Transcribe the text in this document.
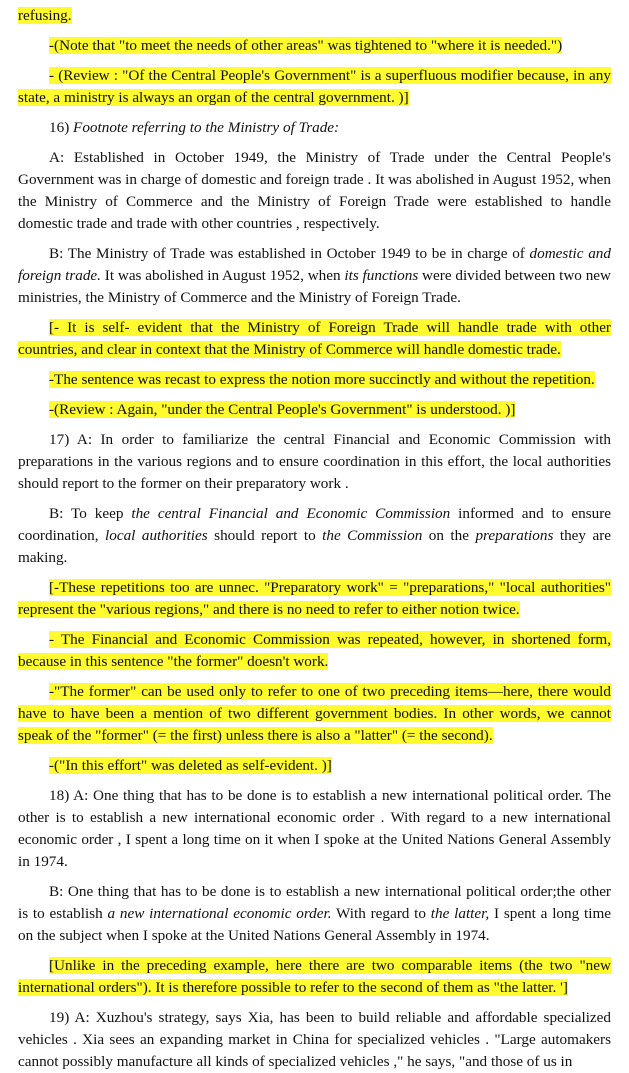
refusing.

-(Note that "to meet the needs of other areas" was tightened to "where it is needed.")

- (Review : "Of the Central People's Government" is a superfluous modifier because, in any state, a ministry is always an organ of the central government. )]

16) Footnote referring to the Ministry of Trade:

A: Established in October 1949, the Ministry of Trade under the Central People's Government was in charge of domestic and foreign trade . It was abolished in August 1952, when the Ministry of Commerce and the Ministry of Foreign Trade were established to handle domestic trade and trade with other countries , respectively.

B: The Ministry of Trade was established in October 1949 to be in charge of domestic and foreign trade. It was abolished in August 1952, when its functions were divided between two new ministries, the Ministry of Commerce and the Ministry of Foreign Trade.

[- It is self- evident that the Ministry of Foreign Trade will handle trade with other countries, and clear in context that the Ministry of Commerce will handle domestic trade.

-The sentence was recast to express the notion more succinctly and without the repetition.

-(Review : Again, "under the Central People's Government" is understood. )]

17) A: In order to familiarize the central Financial and Economic Commission with preparations in the various regions and to ensure coordination in this effort, the local authorities should report to the former on their preparatory work .

B: To keep the central Financial and Economic Commission informed and to ensure coordination, local authorities should report to the Commission on the preparations they are making.

[-These repetitions too are unnec. "Preparatory work" = "preparations," "local authorities" represent the "various regions," and there is no need to refer to either notion twice.

- The Financial and Economic Commission was repeated, however, in shortened form, because in this sentence "the former" doesn't work.

-"The former" can be used only to refer to one of two preceding items—here, there would have to have been a mention of two different government bodies. In other words, we cannot speak of the "former" (= the first) unless there is also a "latter" (= the second).

-("In this effort" was deleted as self-evident. )]

18) A: One thing that has to be done is to establish a new international political order. The other is to establish a new international economic order . With regard to a new international economic order , I spent a long time on it when I spoke at the United Nations General Assembly in 1974.

B: One thing that has to be done is to establish a new international political order;the other is to establish a new international economic order. With regard to the latter, I spent a long time on the subject when I spoke at the United Nations General Assembly in 1974.

[Unlike in the preceding example, here there are two comparable items (the two "new international orders"). It is therefore possible to refer to the second of them as "the latter. ']

19) A: Xuzhou's strategy, says Xia, has been to build reliable and affordable specialized vehicles . Xia sees an expanding market in China for specialized vehicles . "Large automakers cannot possibly manufacture all kinds of specialized vehicles ," he says, "and those of us in
